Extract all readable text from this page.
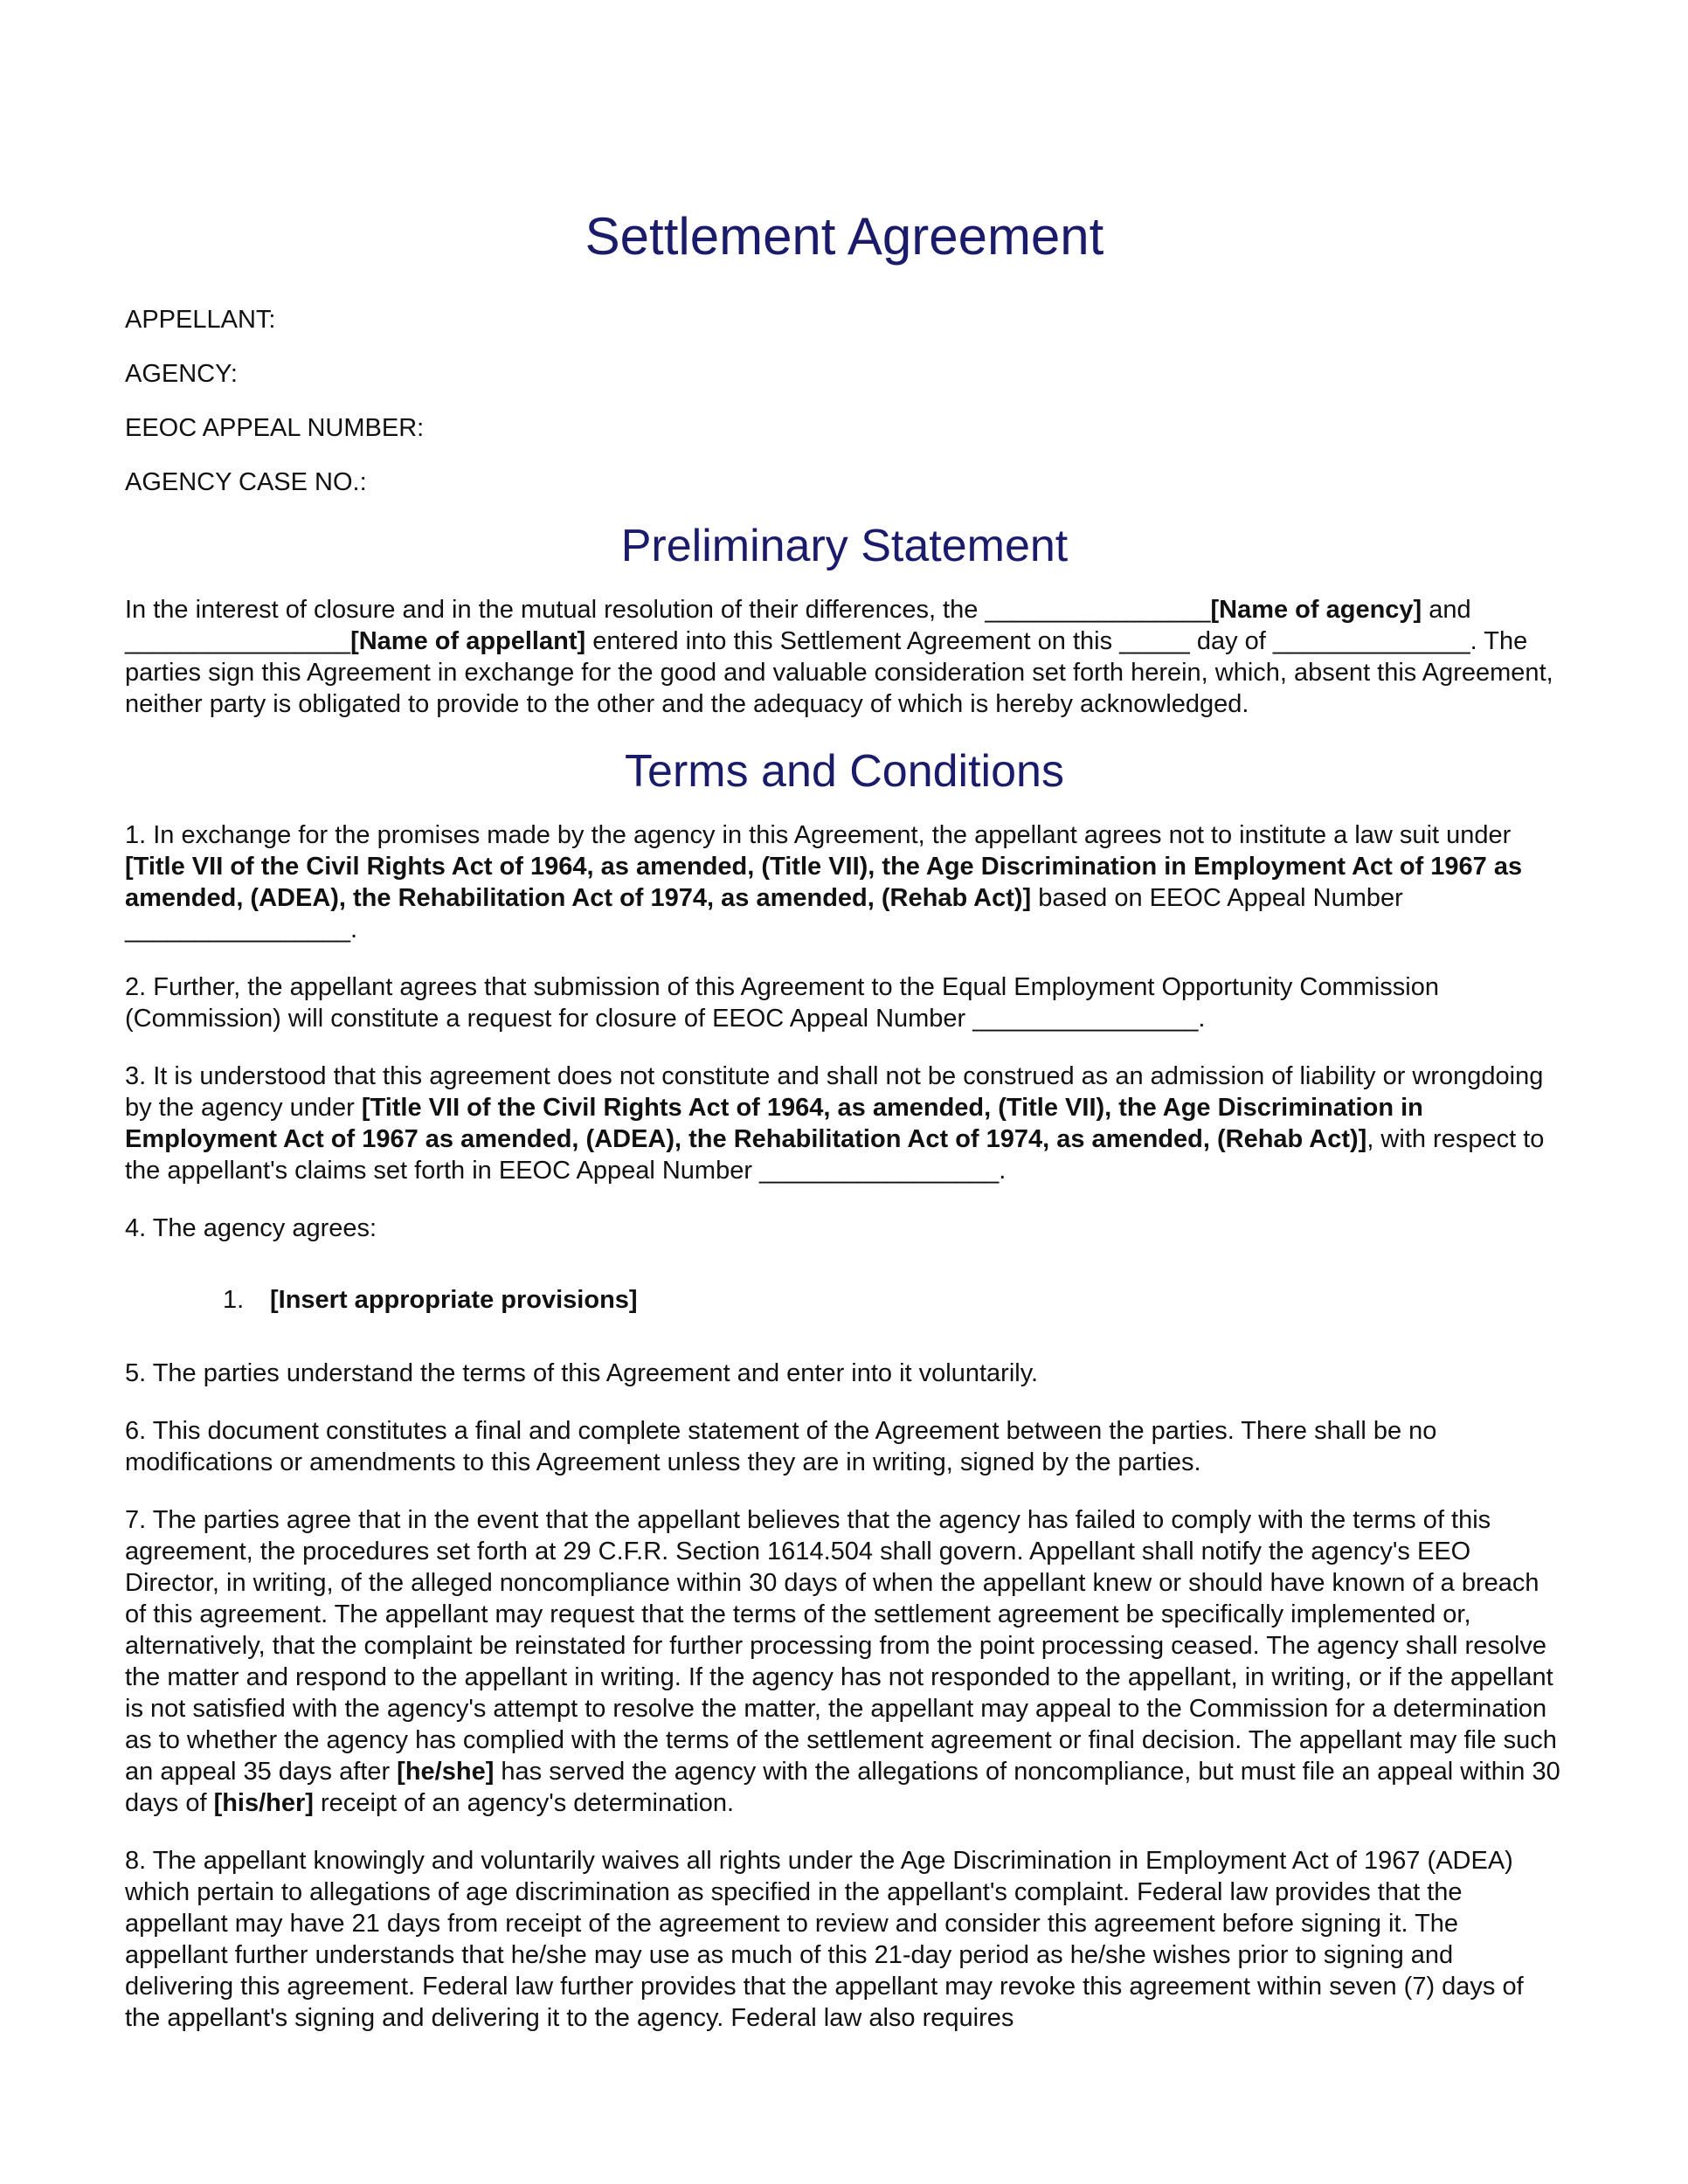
Settlement Agreement

APPELLANT:

AGENCY:

EEOC APPEAL NUMBER:

AGENCY CASE NO.:

Preliminary Statement

In the interest of closure and in the mutual resolution of their differences, the ________________[Name of agency] and ________________[Name of appellant] entered into this Settlement Agreement on this _____ day of ______________. The parties sign this Agreement in exchange for the good and valuable consideration set forth herein, which, absent this Agreement, neither party is obligated to provide to the other and the adequacy of which is hereby acknowledged.

Terms and Conditions

1. In exchange for the promises made by the agency in this Agreement, the appellant agrees not to institute a law suit under [Title VII of the Civil Rights Act of 1964, as amended, (Title VII), the Age Discrimination in Employment Act of 1967 as amended, (ADEA), the Rehabilitation Act of 1974, as amended, (Rehab Act)] based on EEOC Appeal Number ________________.

2. Further, the appellant agrees that submission of this Agreement to the Equal Employment Opportunity Commission (Commission) will constitute a request for closure of EEOC Appeal Number ________________.

3. It is understood that this agreement does not constitute and shall not be construed as an admission of liability or wrongdoing by the agency under [Title VII of the Civil Rights Act of 1964, as amended, (Title VII), the Age Discrimination in Employment Act of 1967 as amended, (ADEA), the Rehabilitation Act of 1974, as amended, (Rehab Act)], with respect to the appellant's claims set forth in EEOC Appeal Number _________________.

4. The agency agrees:

1. [Insert appropriate provisions]

5. The parties understand the terms of this Agreement and enter into it voluntarily.

6. This document constitutes a final and complete statement of the Agreement between the parties. There shall be no modifications or amendments to this Agreement unless they are in writing, signed by the parties.

7. The parties agree that in the event that the appellant believes that the agency has failed to comply with the terms of this agreement, the procedures set forth at 29 C.F.R. Section 1614.504 shall govern. Appellant shall notify the agency's EEO Director, in writing, of the alleged noncompliance within 30 days of when the appellant knew or should have known of a breach of this agreement. The appellant may request that the terms of the settlement agreement be specifically implemented or, alternatively, that the complaint be reinstated for further processing from the point processing ceased. The agency shall resolve the matter and respond to the appellant in writing. If the agency has not responded to the appellant, in writing, or if the appellant is not satisfied with the agency's attempt to resolve the matter, the appellant may appeal to the Commission for a determination as to whether the agency has complied with the terms of the settlement agreement or final decision. The appellant may file such an appeal 35 days after [he/she] has served the agency with the allegations of noncompliance, but must file an appeal within 30 days of [his/her] receipt of an agency's determination.

8. The appellant knowingly and voluntarily waives all rights under the Age Discrimination in Employment Act of 1967 (ADEA) which pertain to allegations of age discrimination as specified in the appellant's complaint. Federal law provides that the appellant may have 21 days from receipt of the agreement to review and consider this agreement before signing it. The appellant further understands that he/she may use as much of this 21-day period as he/she wishes prior to signing and delivering this agreement. Federal law further provides that the appellant may revoke this agreement within seven (7) days of the appellant's signing and delivering it to the agency. Federal law also requires
